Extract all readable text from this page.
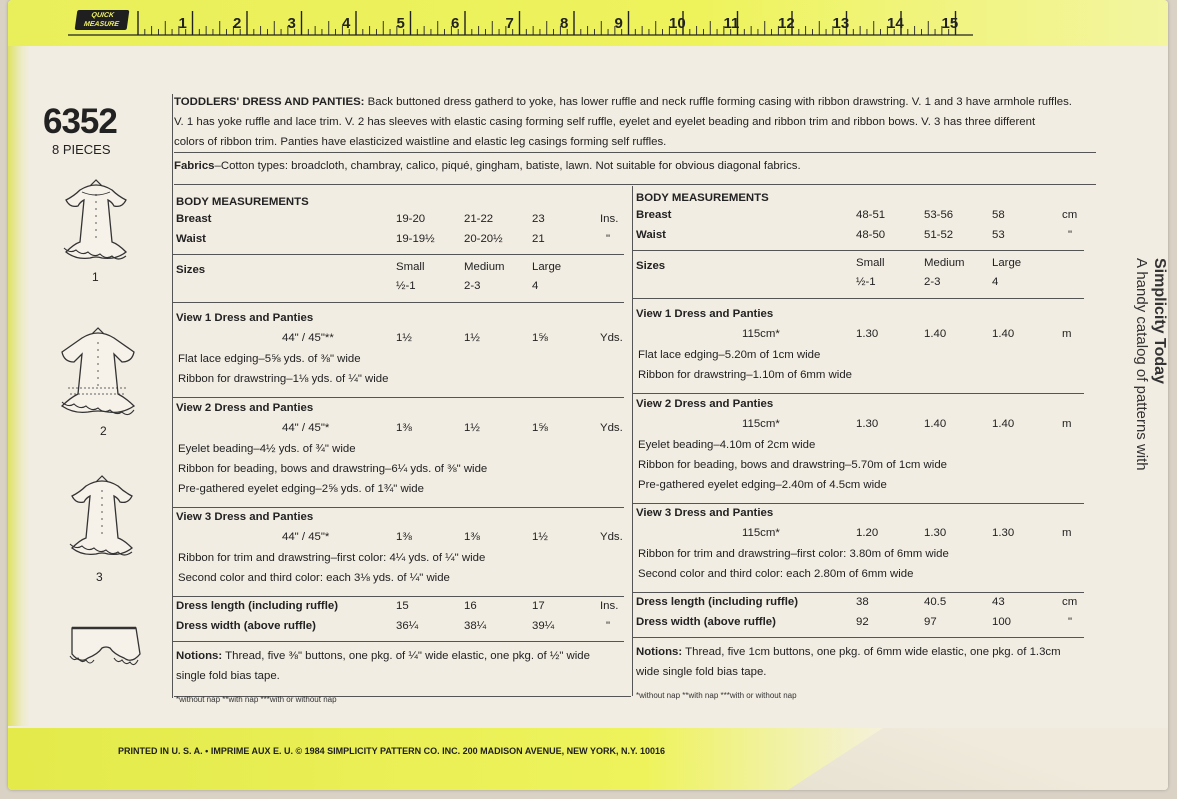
QUICK
MEASURE	1	2	3	4	5	6	7	8	9	10	11	12	13	14	15
6352
8 PIECES
1
2
3
TODDLERS' DRESS AND PANTIES: Back buttoned dress gatherd to yoke, has lower ruffle and neck ruffle forming casing with ribbon drawstring. V. 1 and 3 have armhole ruffles.
V. 1 has yoke ruffle and lace trim. V. 2 has sleeves with elastic casing forming self ruffle, eyelet and eyelet beading and ribbon trim and ribbon bows. V. 3 has three different
colors of ribbon trim. Panties have elasticized waistline and elastic leg casings forming self ruffles.
Fabrics–Cotton types: broadcloth, chambray, calico, piqué, gingham, batiste, lawn. Not suitable for obvious diagonal fabrics.
BODY MEASUREMENTS
Breast	19-20	21-22	23	Ins.
Waist	19-19½	20-20½	21	"
Sizes	Small	Medium Large
½-1	2-3	4
View 1 Dress and Panties
44" / 45"**	1½	1½	1⅝	Yds.
Flat lace edging–5⅝ yds. of ⅜" wide
Ribbon for drawstring–1⅛ yds. of ¼" wide
View 2 Dress and Panties
44" / 45"*	1⅜	1½	1⅝	Yds.
Eyelet beading–4½ yds. of ¾" wide
Ribbon for beading, bows and drawstring–6¼ yds. of ⅜" wide
Pre-gathered eyelet edging–2⅝ yds. of 1¾" wide
View 3 Dress and Panties
44" / 45"*	1⅜	1⅜	1½	Yds.
Ribbon for trim and drawstring–first color: 4¼ yds. of ¼" wide
Second color and third color: each 3⅛ yds. of ¼" wide
Dress length (including ruffle)	15	16	17	Ins.
Dress width (above ruffle)	36¼	38¼	39¼	"
Notions: Thread, five ⅜" buttons, one pkg. of ¼" wide elastic, one pkg. of ½" wide
single fold bias tape.
*without nap **with nap ***with or without nap
BODY MEASUREMENTS
Breast	48-51	53-56	58	cm
Waist	48-50	51-52	53	"
Sizes	Small	Medium Large
½-1	2-3	4
View 1 Dress and Panties
115cm*	1.30	1.40	1.40	m
Flat lace edging–5.20m of 1cm wide
Ribbon for drawstring–1.10m of 6mm wide
View 2 Dress and Panties
115cm*	1.30	1.40	1.40	m
Eyelet beading–4.10m of 2cm wide
Ribbon for beading, bows and drawstring–5.70m of 1cm wide
Pre-gathered eyelet edging–2.40m of 4.5cm wide
View 3 Dress and Panties
115cm*	1.20	1.30	1.30	m
Ribbon for trim and drawstring–first color: 3.80m of 6mm wide
Second color and third color: each 2.80m of 6mm wide
Dress length (including ruffle)	38	40.5	43	cm
Dress width (above ruffle)	92	97	100	"
Notions: Thread, five 1cm buttons, one pkg. of 6mm wide elastic, one pkg. of 1.3cm
wide single fold bias tape.
*without nap **with nap ***with or without nap
PRINTED IN U. S. A. • IMPRIME AUX E. U. © 1984 SIMPLICITY PATTERN CO. INC. 200 MADISON AVENUE, NEW YORK, N.Y. 10016
Simplicity Today
A handy catalog of patterns with
